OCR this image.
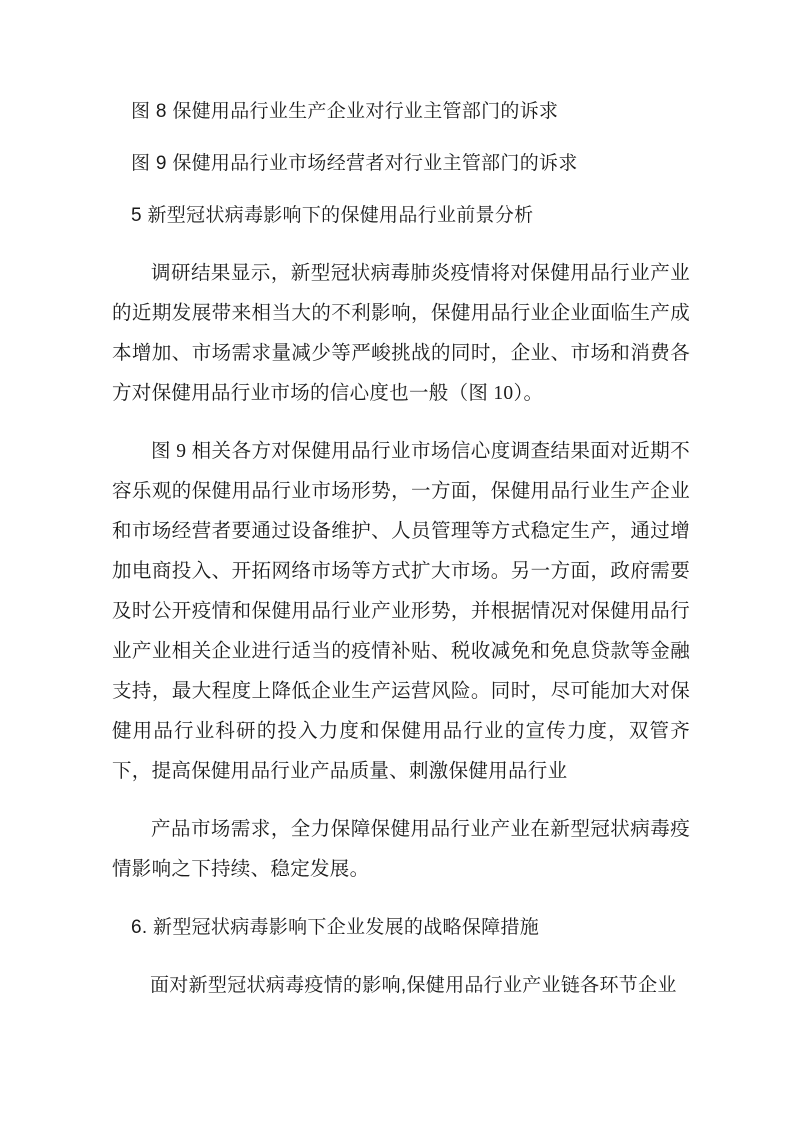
图 8 保健用品行业生产企业对行业主管部门的诉求

图 9 保健用品行业市场经营者对行业主管部门的诉求

5 新型冠状病毒影响下的保健用品行业前景分析

调研结果显示，新型冠状病毒肺炎疫情将对保健用品行业产业的近期发展带来相当大的不利影响，保健用品行业企业面临生产成本增加、市场需求量减少等严峻挑战的同时，企业、市场和消费各方对保健用品行业市场的信心度也一般（图 10）。

图 9 相关各方对保健用品行业市场信心度调查结果面对近期不容乐观的保健用品行业市场形势，一方面，保健用品行业生产企业和市场经营者要通过设备维护、人员管理等方式稳定生产，通过增加电商投入、开拓网络市场等方式扩大市场。另一方面，政府需要及时公开疫情和保健用品行业产业形势，并根据情况对保健用品行业产业相关企业进行适当的疫情补贴、税收减免和免息贷款等金融支持，最大程度上降低企业生产运营风险。同时，尽可能加大对保健用品行业科研的投入力度和保健用品行业的宣传力度，双管齐下，提高保健用品行业产品质量、刺激保健用品行业

产品市场需求，全力保障保健用品行业产业在新型冠状病毒疫情影响之下持续、稳定发展。

6. 新型冠状病毒影响下企业发展的战略保障措施

面对新型冠状病毒疫情的影响,保健用品行业产业链各环节企业
